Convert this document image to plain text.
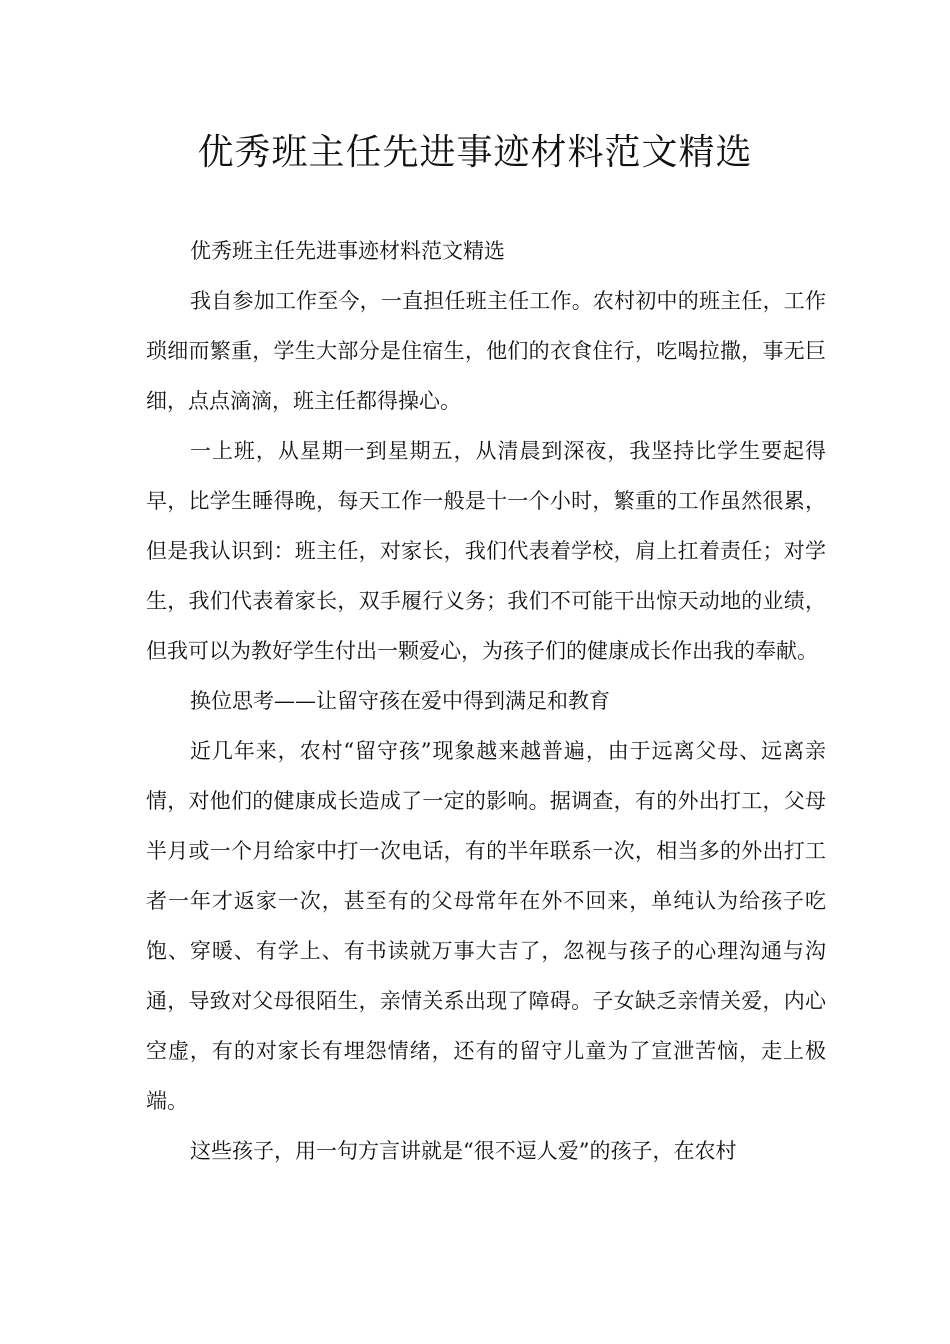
优秀班主任先进事迹材料范文精选

优秀班主任先进事迹材料范文精选

我自参加工作至今，一直担任班主任工作。农村初中的班主任，工作琐细而繁重，学生大部分是住宿生，他们的衣食住行，吃喝拉撒，事无巨细，点点滴滴，班主任都得操心。

一上班，从星期一到星期五，从清晨到深夜，我坚持比学生要起得早，比学生睡得晚，每天工作一般是十一个小时，繁重的工作虽然很累，但是我认识到：班主任，对家长，我们代表着学校，肩上扛着责任；对学生，我们代表着家长，双手履行义务；我们不可能干出惊天动地的业绩，但我可以为教好学生付出一颗爱心，为孩子们的健康成长作出我的奉献。

换位思考——让留守孩在爱中得到满足和教育

近几年来，农村“留守孩”现象越来越普遍，由于远离父母、远离亲情，对他们的健康成长造成了一定的影响。据调查，有的外出打工，父母半月或一个月给家中打一次电话，有的半年联系一次，相当多的外出打工者一年才返家一次，甚至有的父母常年在外不回来，单纯认为给孩子吃饱、穿暖、有学上、有书读就万事大吉了，忽视与孩子的心理沟通与沟通，导致对父母很陌生，亲情关系出现了障碍。子女缺乏亲情关爱，内心空虚，有的对家长有埋怨情绪，还有的留守儿童为了宣泄苦恼，走上极端。

这些孩子，用一句方言讲就是“很不逗人爱”的孩子，在农村
